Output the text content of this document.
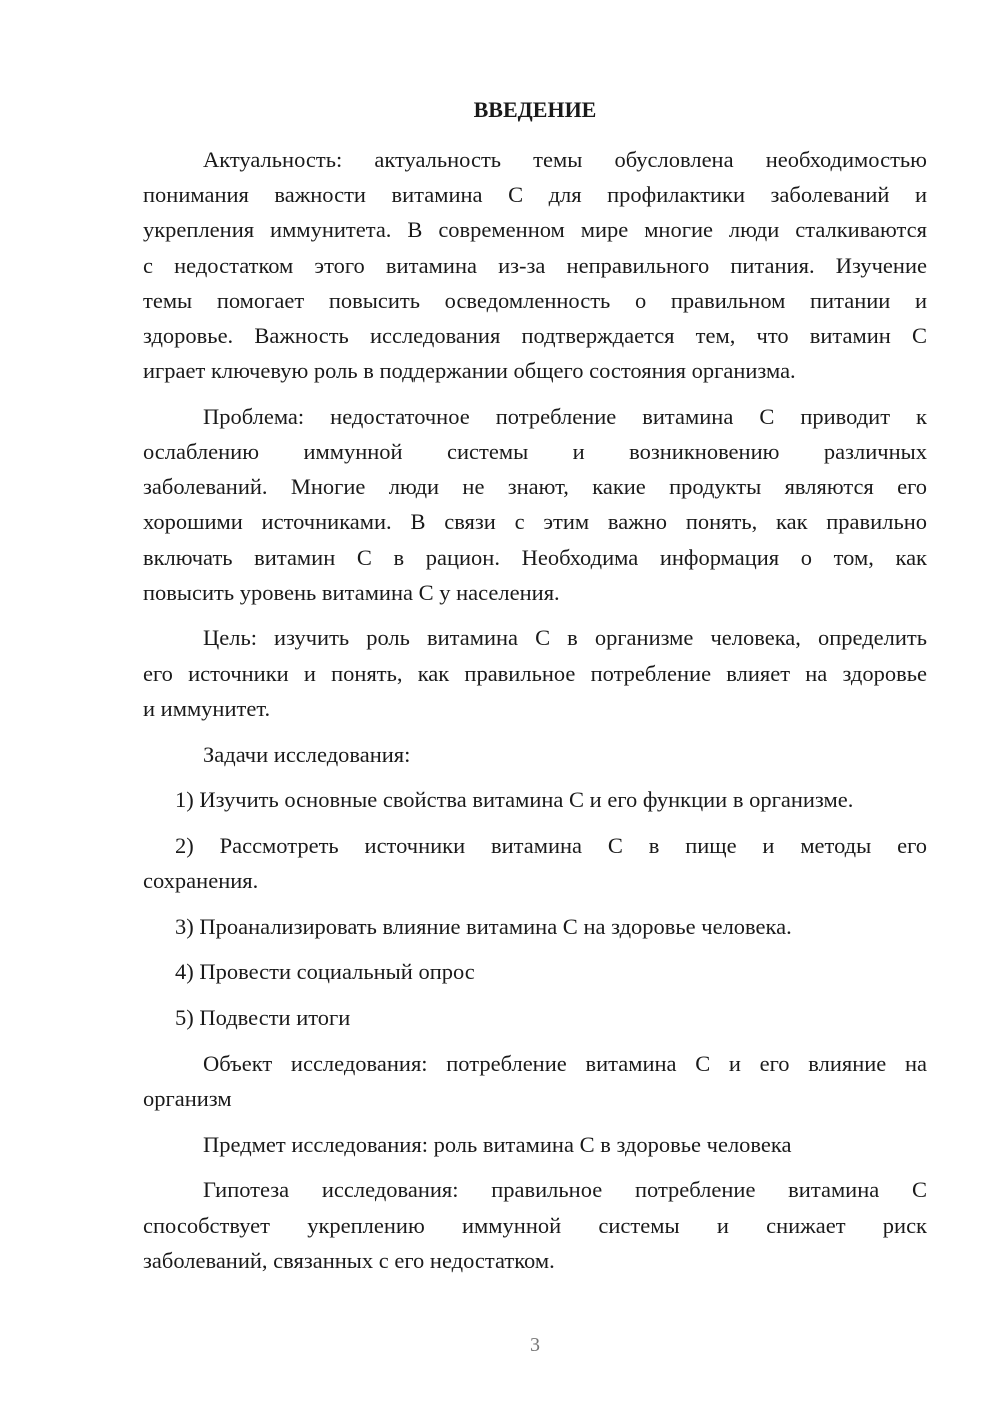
ВВЕДЕНИЕ
Актуальность: актуальность темы обусловлена необходимостью
понимания важности витамина С для профилактики заболеваний и
укрепления иммунитета. В современном мире многие люди сталкиваются
с недостатком этого витамина из-за неправильного питания. Изучение
темы помогает повысить осведомленность о правильном питании и
здоровье. Важность исследования подтверждается тем, что витамин С
играет ключевую роль в поддержании общего состояния организма.
Проблема: недостаточное потребление витамина С приводит к
ослаблению иммунной системы и возникновению различных
заболеваний. Многие люди не знают, какие продукты являются его
хорошими источниками. В связи с этим важно понять, как правильно
включать витамин С в рацион. Необходима информация о том, как
повысить уровень витамина С у населения.
Цель: изучить роль витамина С в организме человека, определить
его источники и понять, как правильное потребление влияет на здоровье
и иммунитет.
Задачи исследования:
1) Изучить основные свойства витамина С и его функции в организме.
2) Рассмотреть источники витамина С в пище и методы его
сохранения.
3) Проанализировать влияние витамина С на здоровье человека.
4) Провести социальный опрос
5) Подвести итоги
Объект исследования: потребление витамина С и его влияние на
организм
Предмет исследования: роль витамина С в здоровье человека
Гипотеза исследования: правильное потребление витамина С
способствует укреплению иммунной системы и снижает риск
заболеваний, связанных с его недостатком.
3
